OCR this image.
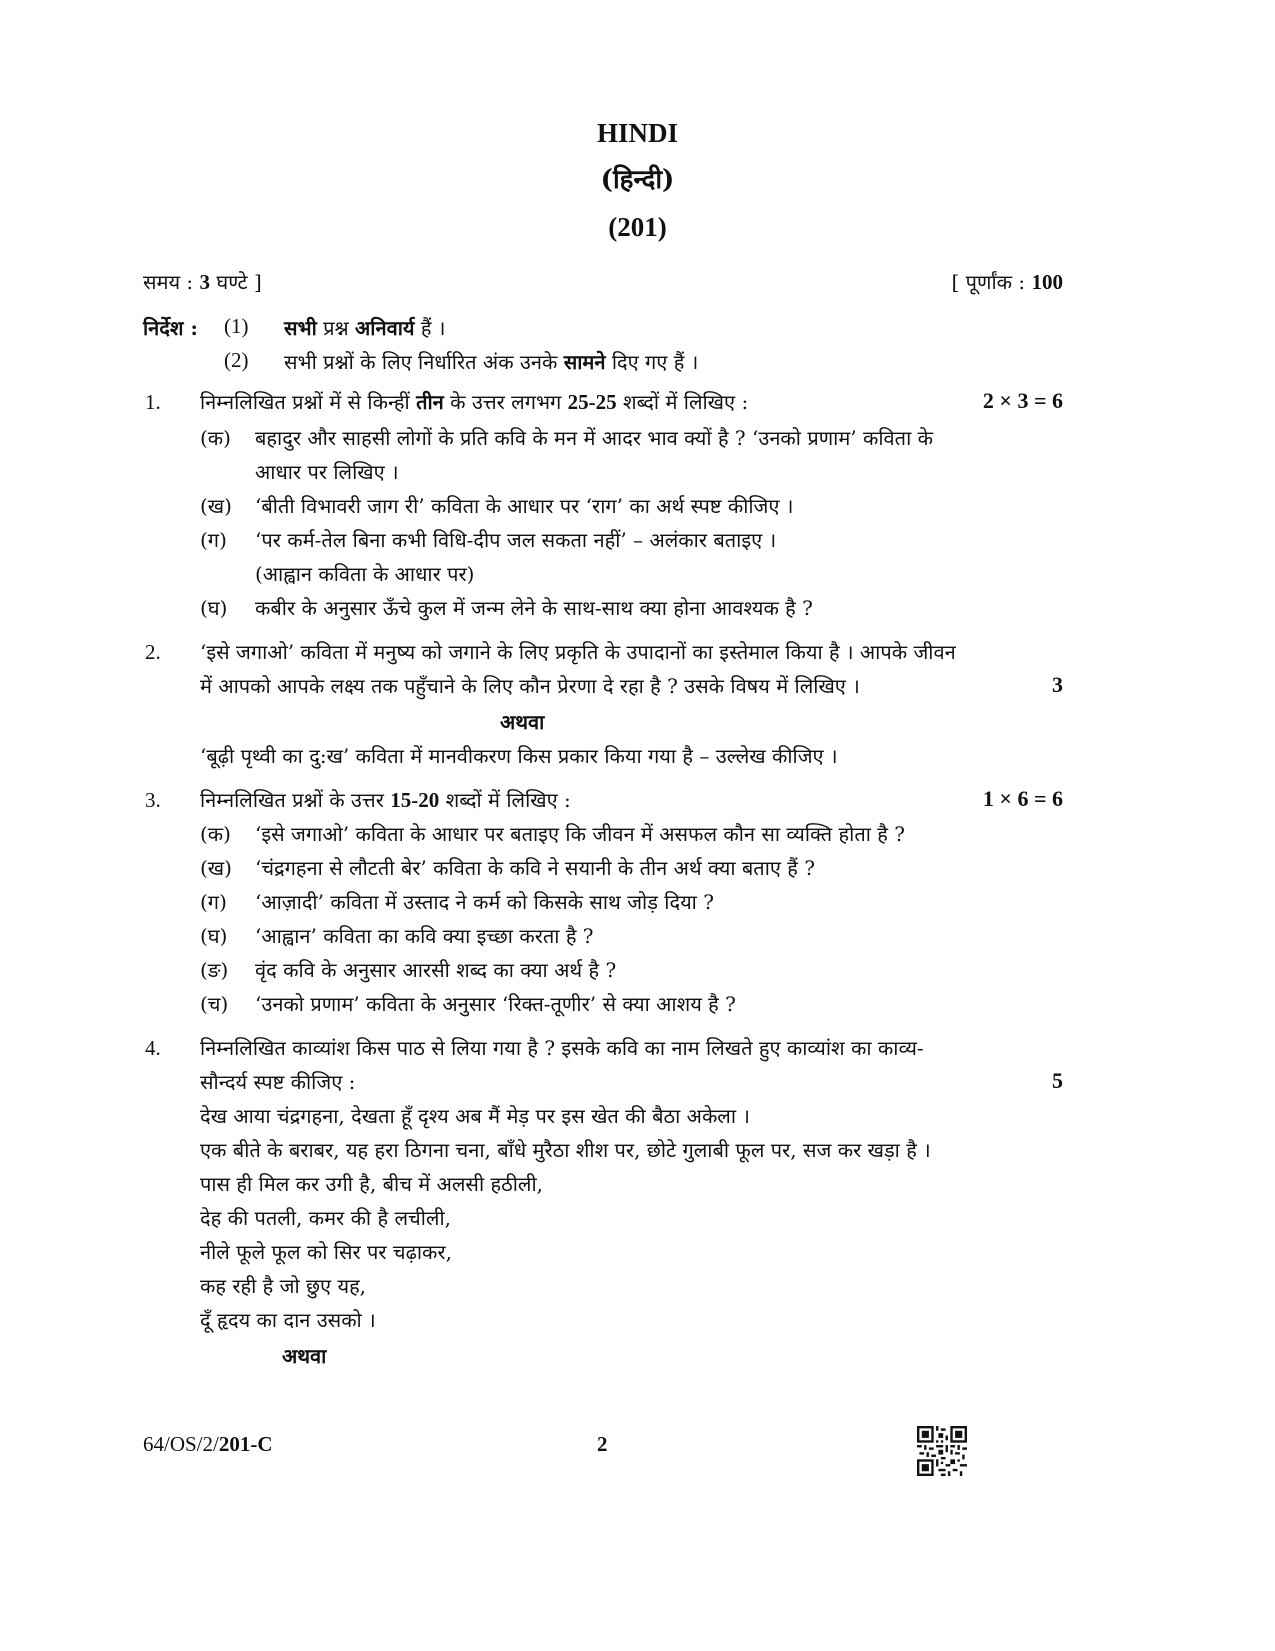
HINDI
(हिन्दी)
(201)
समय : 3 घण्टे ]	[ पूर्णांक : 100
निर्देश : (1) सभी प्रश्न अनिवार्य हैं ।
(2) सभी प्रश्नों के लिए निर्धारित अंक उनके सामने दिए गए हैं ।
1. निम्नलिखित प्रश्नों में से किन्हीं तीन के उत्तर लगभग 25-25 शब्दों में लिखिए :	2 × 3 = 6
(क) बहादुर और साहसी लोगों के प्रति कवि के मन में आदर भाव क्यों है ? ‘उनको प्रणाम’ कविता के
आधार पर लिखिए ।
(ख) ‘बीती विभावरी जाग री’ कविता के आधार पर ‘राग’ का अर्थ स्पष्ट कीजिए ।
(ग) ‘पर कर्म-तेल बिना कभी विधि-दीप जल सकता नहीं’ – अलंकार बताइए ।
(आह्वान कविता के आधार पर)
(घ) कबीर के अनुसार ऊँचे कुल में जन्म लेने के साथ-साथ क्या होना आवश्यक है ?
2. ‘इसे जगाओ’ कविता में मनुष्य को जगाने के लिए प्रकृति के उपादानों का इस्तेमाल किया है । आपके जीवन
में आपको आपके लक्ष्य तक पहुँचाने के लिए कौन प्रेरणा दे रहा है ? उसके विषय में लिखिए ।	3
अथवा
‘बूढ़ी पृथ्वी का दु:ख’ कविता में मानवीकरण किस प्रकार किया गया है – उल्लेख कीजिए ।
3. निम्नलिखित प्रश्नों के उत्तर 15-20 शब्दों में लिखिए :	1 × 6 = 6
(क) ‘इसे जगाओ’ कविता के आधार पर बताइए कि जीवन में असफल कौन सा व्यक्ति होता है ?
(ख) ‘चंद्रगहना से लौटती बेर’ कविता के कवि ने सयानी के तीन अर्थ क्या बताए हैं ?
(ग) ‘आज़ादी’ कविता में उस्ताद ने कर्म को किसके साथ जोड़ दिया ?
(घ) ‘आह्वान’ कविता का कवि क्या इच्छा करता है ?
(ङ) वृंद कवि के अनुसार आरसी शब्द का क्या अर्थ है ?
(च) ‘उनको प्रणाम’ कविता के अनुसार ‘रिक्त-तूणीर’ से क्या आशय है ?
4. निम्नलिखित काव्यांश किस पाठ से लिया गया है ? इसके कवि का नाम लिखते हुए काव्यांश का काव्य-
सौन्दर्य स्पष्ट कीजिए :	5
देख आया चंद्रगहना, देखता हूँ दृश्य अब मैं मेड़ पर इस खेत की बैठा अकेला ।
एक बीते के बराबर, यह हरा ठिगना चना, बाँधे मुरैठा शीश पर, छोटे गुलाबी फूल पर, सज कर खड़ा है ।
पास ही मिल कर उगी है, बीच में अलसी हठीली,
देह की पतली, कमर की है लचीली,
नीले फूले फूल को सिर पर चढ़ाकर,
कह रही है जो छुए यह,
दूँ हृदय का दान उसको ।
अथवा
64/OS/2/201-C	2
